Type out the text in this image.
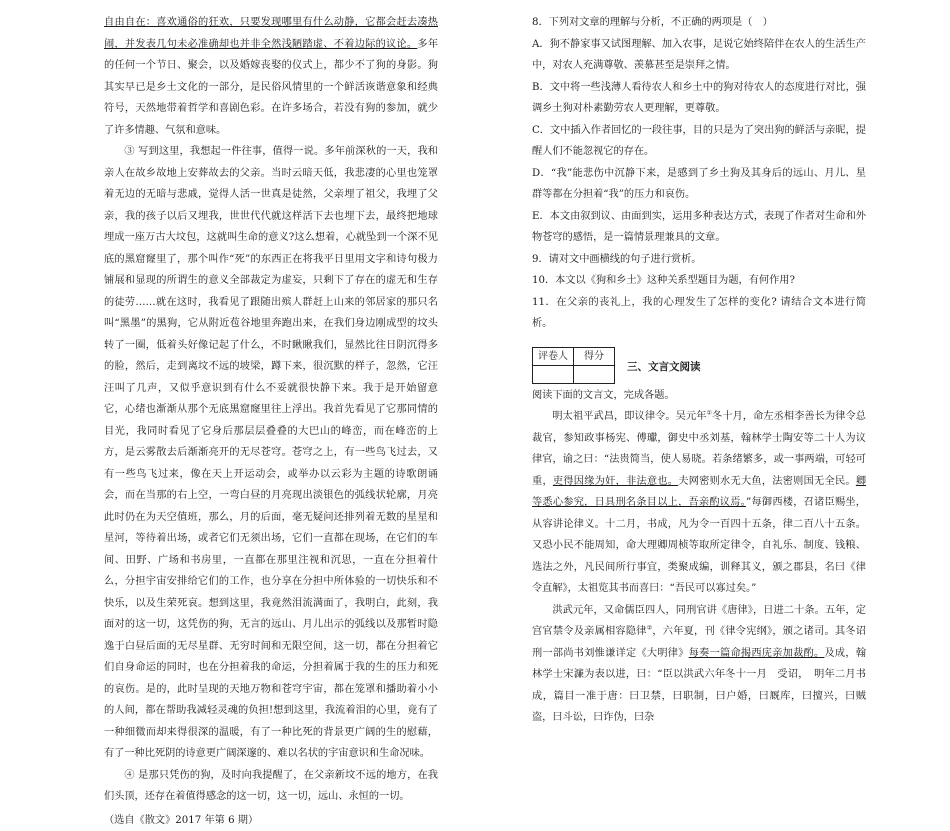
自由自在：喜欢通俗的狂欢，只要发现哪里有什么动静，它都会赶去凑热闹，并发表几句未必准确却也并非全然浅陋踏虚、不着边际的议论。多年的任何一个节日、聚会，以及婚嫁丧娶的仪式上，都少不了狗的身影。狗其实早已是乡土文化的一部分，是民俗风情里的一个鲜活诙谐意象和经典符号，天然地带着哲学和喜剧色彩。在许多场合，若没有狗的参加，就少了许多情趣、气氛和意味。

③ 写到这里，我想起一件往事，值得一说。多年前深秋的一天，我和亲人在故乡故地上安葬故去的父亲。当时云暗天低，我悲凄的心里也笼罩着无边的无暗与悲戚，觉得人活一世真是徒然，父亲埋了祖父，我埋了父亲，我的孩子以后又埋我，世世代代就这样活下去也埋下去，最终把地球埋成一座万古大坟包，这就叫生命的意义?这么想着，心就坠到一个深不见底的黑窟窿里了，那个叫作“死”的东西正在将我平日里用文字和诗句极力铺展和显现的所谓生的意义全部裁定为虚妄，只剩下了存在的虚无和生存的徒劳……就在这时，我看见了跟随出殡人群赶上山来的邻居家的那只名叫“黑墨”的黑狗，它从附近苞谷地里奔跑出来，在我们身边刚成型的坟头转了一圈，低着头好像记起了什么，不时瞅瞅我们，显然比往日阴沉得多的脸，然后，走到离坟不远的坡梁，蹲下来，很沉默的样子，忽然，它汪汪叫了几声，又似乎意识到有什么不妥就很快静下来。我于是开始留意它，心绪也渐渐从那个无底黑窟窿里往上浮出。我首先看见了它那同情的目光，我同时看见了它身后那层层叠叠的大巴山的峰峦，而在峰峦的上方，是云雾散去后渐渐亮开的无尽苍穹。苍穹之上，有一些鸟飞过去，又有一些鸟飞过来，像在天上开运动会，或举办以云彩为主题的诗歌朗诵会，而在当那的右上空，一弯白昼的月亮现出淡银色的弧线状轮廓，月亮此时仍在为天空值班，那么，月的后面，毫无疑问还排列着无数的星星和星河，等待着出场，或者它们无须出场，它们一直都在现场，在它们的车间、田野、广场和书房里，一直都在那里注视和沉思，一直在分担着什么，分担宇宙安排给它们的工作，也分享在分担中所体验的一切快乐和不快乐，以及生荣死哀。想到这里，我竟然泪流满面了，我明白，此刻，我面对的这一切，这凭伤的狗，无言的远山、月儿出示的弧线以及那暂时隐逸于白昼后面的无尽星群、无穷时间和无限空间，这一切，都在分担着它们自身命运的同时，也在分担着我的命运，分担着属于我的生的压力和死的哀伤。是的，此时呈现的天地万物和苍穹宇宙，都在笼罩和播助着小小的人间，都在帮助我减轻灵魂的负担!想到这里，我流着泪的心里，竟有了一种细微而却来得很深的温暖，有了一种比死的背景更广阔的生的慰藉，有了一种比死阴的诗意更广阔深邃的、难以名状的宇宙意识和生命况味。

④ 是那只凭伤的狗，及时向我提醒了，在父亲新坟不远的地方，在我们头顶，还存在着值得感念的这一切，这一切，远山、永恒的一切。

（选自《散文》2017 年第 6 期）

8．下列对文章的理解与分析，不正确的两项是（　）

A．狗不静家事又试图理解、加入农事，足说它始终陪伴在农人的生活生产中，对农人充满尊敬、羡慕甚至是崇拜之情。

B．文中将一些浅薄人看待农人和乡土中的狗对待农人的态度进行对比，强调乡土狗对朴素勤劳农人更理解，更尊敬。

C．文中插入作者回忆的一段往事，目的只是为了突出狗的鲜活与亲昵，提醒人们不能忽视它的存在。

D．“我”能悲伤中沉静下来，是感到了乡土狗及其身后的远山、月儿、星群等都在分担着“我”的压力和哀伤。

E．本文由叙到议、由面到实，运用多种表达方式，表现了作者对生命和外物苍穹的感悟，是一篇情景理兼具的文章。

9．请对文中画横线的句子进行赏析。

10．本文以《狗和乡土》这种关系型题目为题，有何作用?

11．在父亲的丧礼上，我的心理发生了怎样的变化? 请结合文本进行简析。

评卷人	得分

三、文言文阅读

阅读下面的文言文，完成各题。

明太祖平武昌，即议律令。吴元年①冬十月，命左丞相李善长为律令总裁官，参知政事杨宪、傅瓛，御史中丞刘基，翰林学士陶安等二十人为议律官，谕之曰：“法贵简当，使人易晓。若条绪繁多，或一事两端，可轻可重，吏得因缘为奸，非法意也。夫网密则水无大鱼，法密则国无全民。卿等悉心参究，日具刑名条目以上，吾亲酌议焉。”每御西楼，召诸臣赐坐，从容讲论律义。十二月，书成，凡为令一百四十五条，律二百八十五条。又恐小民不能周知，命大理卿周桢等取所定律令，自礼乐、制度、钱粮、选法之外，凡民间所行事宜，类聚成编，训释其义，颁之郡县，名曰《律令直解》，太祖览其书而喜曰：“吾民可以寡过矣。”

洪武元年，又命儒臣四人，同刑官讲《唐律》，日进二十条。五年，定宫官禁令及亲属相容隐律②，六年夏，刊《律令宪纲》，颁之诸司。其冬诏刑一部尚书刘惟谦详定《大明律》每奏一篇命揭西庑亲加裁酌。及成，翰林学士宋濂为表以进，曰：“臣以洪武六年冬十一月　受诏，　明年二月书成，篇目一准于唐：曰卫禁，曰职制，曰户婚，曰厩库，曰擅兴，曰贼盗，曰斗讼，曰诈伪，曰杂
